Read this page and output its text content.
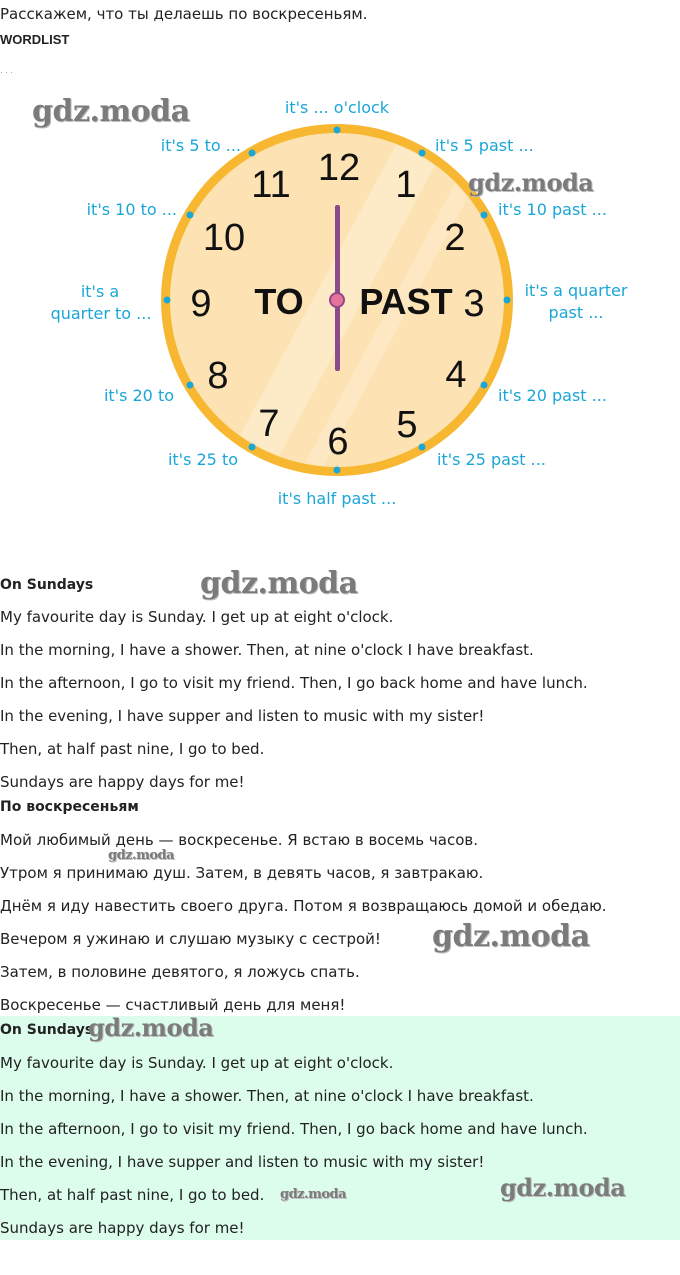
Расскажем, что ты делаешь по воскресеньям.
WORDLIST
. . .
12 1
2
3
4
5
6
7
8
9
10
11
TO PAST
it's ... o'clock
it's 5 past ...
it's 10 past ...
it's a quarter
past ...
it's 20 past ...
it's 25 past ...
it's half past ...
it's 25 to
it's 20 to
it's a
quarter to ...
it's 10 to ...
it's 5 to ...
On Sundays
My favourite day is Sunday. I get up at eight o'clock.
In the morning, I have a shower. Then, at nine o'clock I have breakfast.
In the afternoon, I go to visit my friend. Then, I go back home and have lunch.
In the evening, I have supper and listen to music with my sister!
Then, at half past nine, I go to bed.
Sundays are happy days for me!
По воскресеньям
Мой любимый день — воскресенье. Я встаю в восемь часов.
Утром я принимаю душ. Затем, в девять часов, я завтракаю.
Днём я иду навестить своего друга. Потом я возвращаюсь домой и обедаю.
Вечером я ужинаю и слушаю музыку с сестрой!
Затем, в половине девятого, я ложусь спать.
Воскресенье — счастливый день для меня!
On Sundays
My favourite day is Sunday. I get up at eight o'clock.
In the morning, I have a shower. Then, at nine o'clock I have breakfast.
In the afternoon, I go to visit my friend. Then, I go back home and have lunch.
In the evening, I have supper and listen to music with my sister!
Then, at half past nine, I go to bed.
Sundays are happy days for me!
gdz.moda
gdz.moda
gdz.moda
gdz.moda
gdz.moda
gdz.moda
gdz.moda	gdz.moda
